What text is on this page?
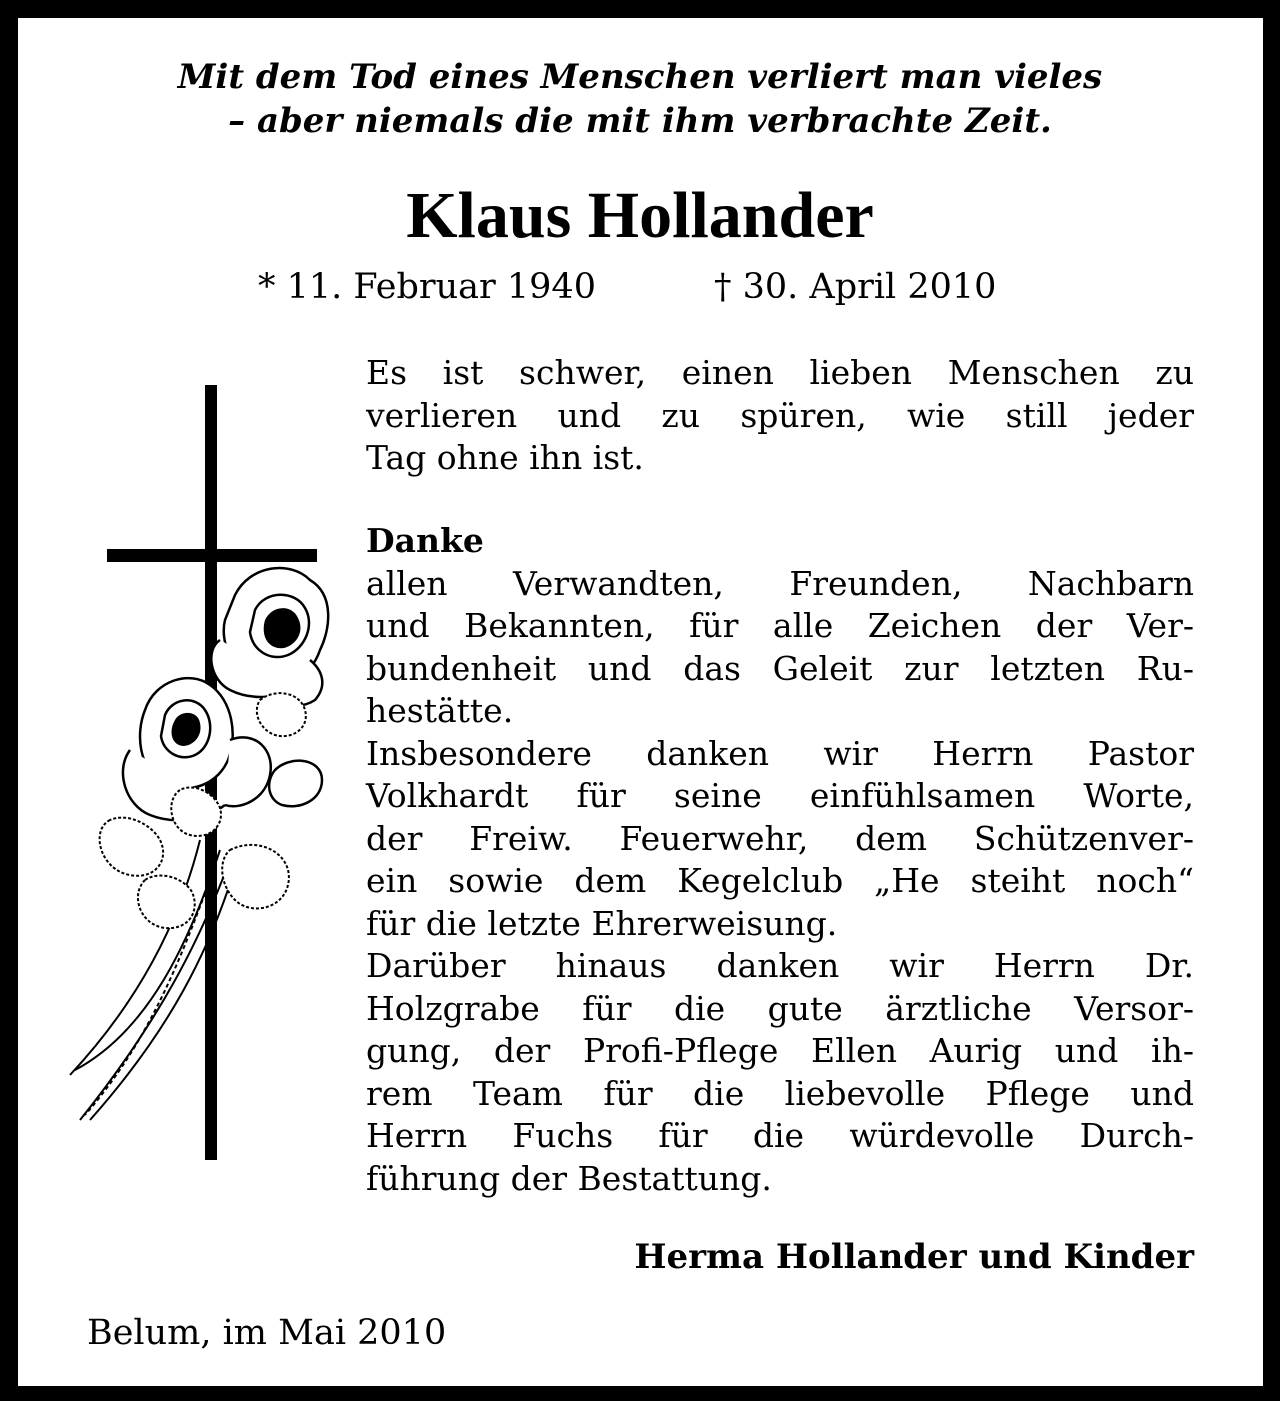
Mit dem Tod eines Menschen verliert man vieles
– aber niemals die mit ihm verbrachte Zeit.
Klaus Hollander
* 11. Februar 1940	† 30. April 2010
Es ist schwer, einen lieben Menschen zu
verlieren und zu spüren, wie still jeder
Tag ohne ihn ist.
Danke
allen Verwandten, Freunden, Nachbarn
und Bekannten, für alle Zeichen der Ver-
bundenheit und das Geleit zur letzten Ru-
hestätte.
Insbesondere danken wir Herrn Pastor
Volkhardt für seine einfühlsamen Worte,
der Freiw. Feuerwehr, dem Schützenver-
ein sowie dem Kegelclub „He steiht noch“
für die letzte Ehrerweisung.
Darüber hinaus danken wir Herrn Dr.
Holzgrabe für die gute ärztliche Versor-
gung, der Profi-Pflege Ellen Aurig und ih-
rem Team für die liebevolle Pflege und
Herrn Fuchs für die würdevolle Durch-
führung der Bestattung.
Herma Hollander und Kinder
Belum, im Mai 2010
